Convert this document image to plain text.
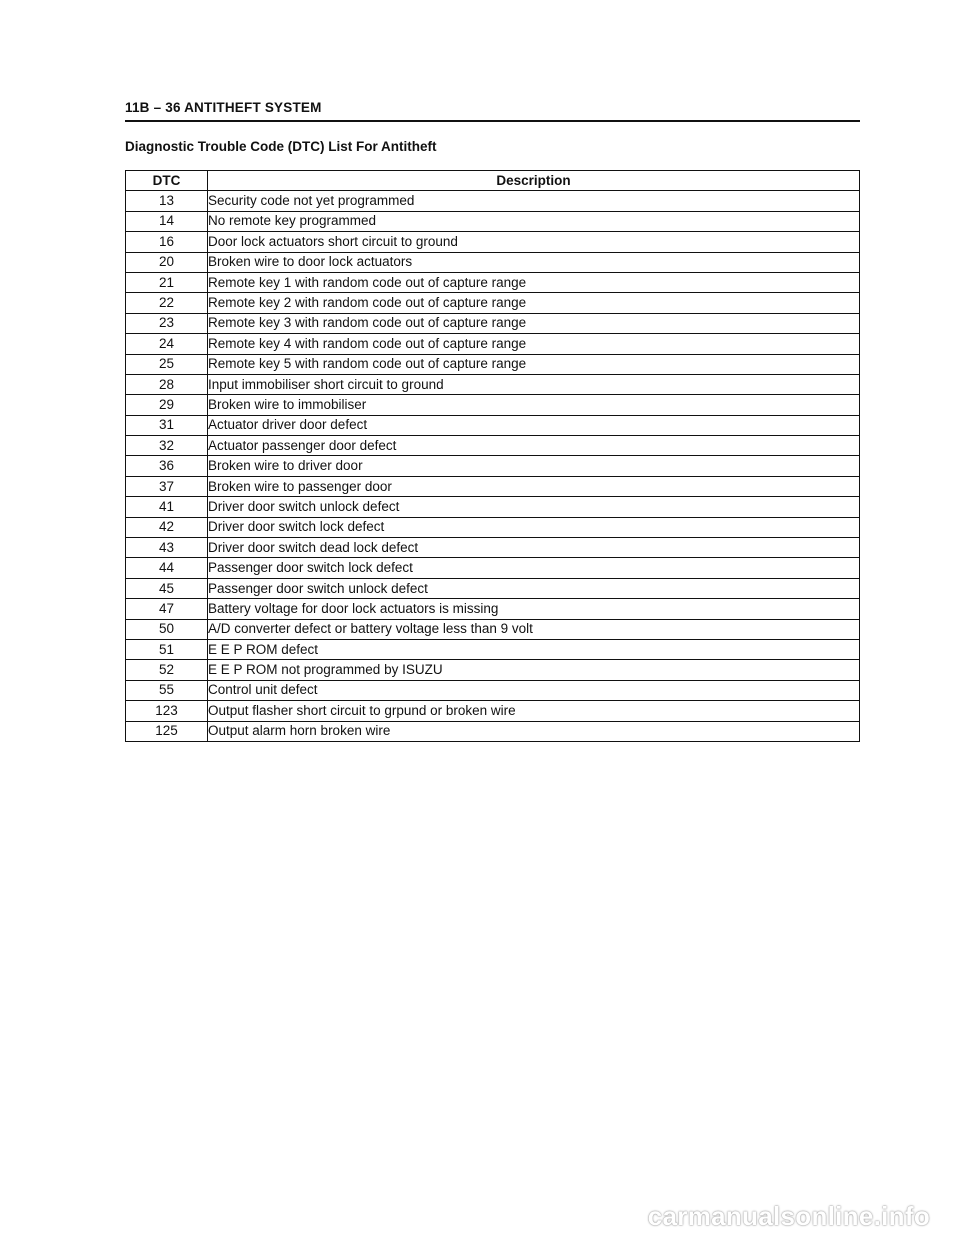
11B – 36 ANTITHEFT SYSTEM
Diagnostic Trouble Code (DTC) List For Antitheft
DTC	Description
13	Security code not yet programmed
14	No remote key programmed
16	Door lock actuators short circuit to ground
20	Broken wire to door lock actuators
21	Remote key 1 with random code out of capture range
22	Remote key 2 with random code out of capture range
23	Remote key 3 with random code out of capture range
24	Remote key 4 with random code out of capture range
25	Remote key 5 with random code out of capture range
28	Input immobiliser short circuit to ground
29	Broken wire to immobiliser
31	Actuator driver door defect
32	Actuator passenger door defect
36	Broken wire to driver door
37	Broken wire to passenger door
41	Driver door switch unlock defect
42	Driver door switch lock defect
43	Driver door switch dead lock defect
44	Passenger door switch lock defect
45	Passenger door switch unlock defect
47	Battery voltage for door lock actuators is missing
50	A/D converter defect or battery voltage less than 9 volt
51	E E P ROM defect
52	E E P ROM not programmed by ISUZU
55	Control unit defect
123	Output flasher short circuit to grpund or broken wire
125	Output alarm horn broken wire
carmanualsonline.info
